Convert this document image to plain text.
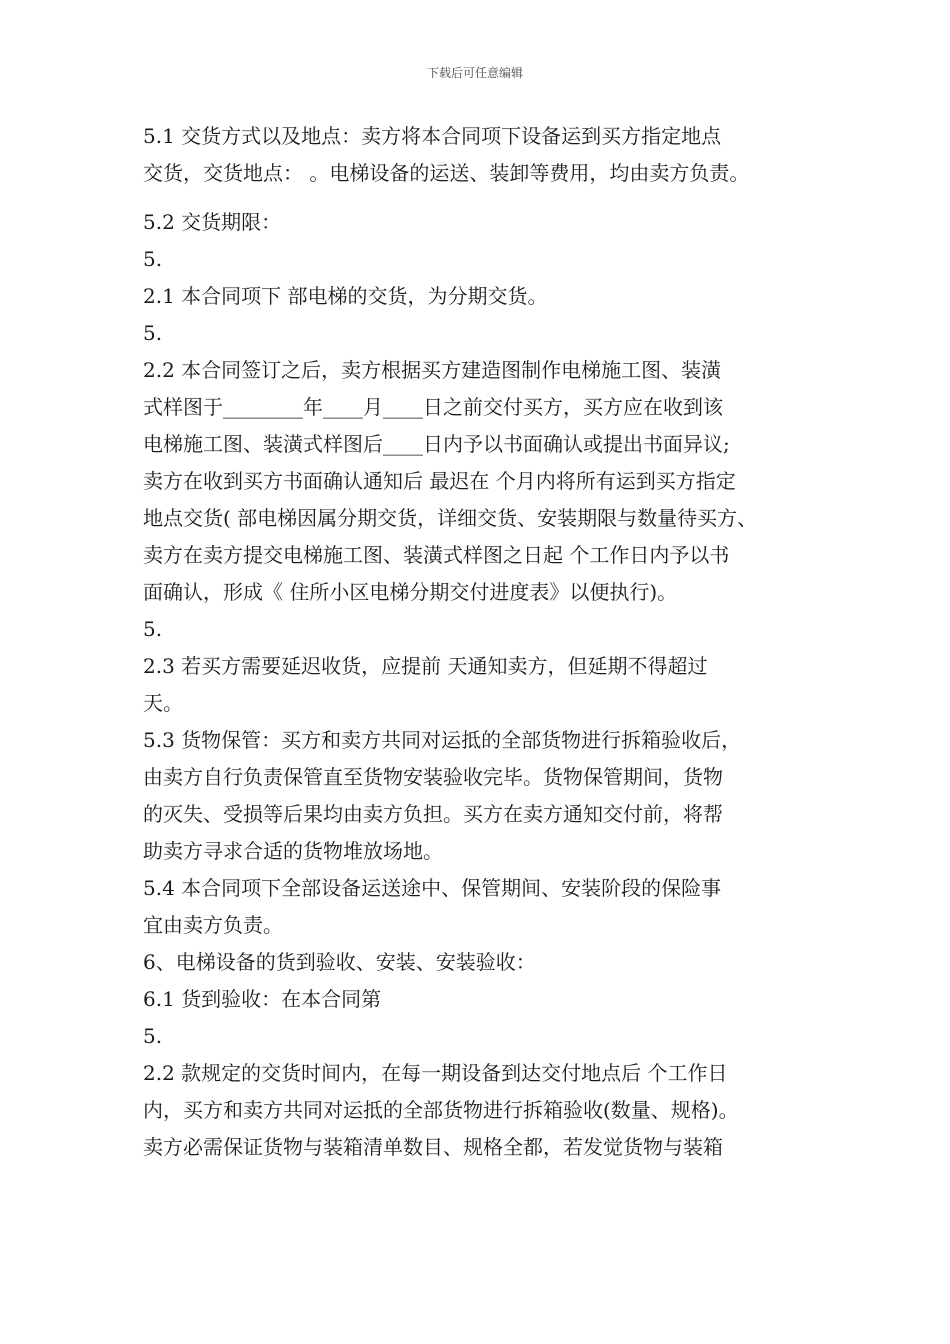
下载后可任意编辑
5.1 交货方式以及地点：卖方将本合同项下设备运到买方指定地点
交货，交货地点： 。电梯设备的运送、装卸等费用，均由卖方负责。
5.2 交货期限：
5.
2.1 本合同项下 部电梯的交货，为分期交货。
5.
2.2 本合同签订之后，卖方根据买方建造图制作电梯施工图、装潢
式样图于________年____月____日之前交付买方，买方应在收到该
电梯施工图、装潢式样图后____日内予以书面确认或提出书面异议;
卖方在收到买方书面确认通知后 最迟在 个月内将所有运到买方指定
地点交货( 部电梯因属分期交货，详细交货、安装期限与数量待买方、
卖方在卖方提交电梯施工图、装潢式样图之日起 个工作日内予以书
面确认，形成《 住所小区电梯分期交付进度表》以便执行)。
5.
2.3 若买方需要延迟收货，应提前 天通知卖方，但延期不得超过
天。
5.3 货物保管：买方和卖方共同对运抵的全部货物进行拆箱验收后，
由卖方自行负责保管直至货物安装验收完毕。货物保管期间，货物
的灭失、受损等后果均由卖方负担。买方在卖方通知交付前，将帮
助卖方寻求合适的货物堆放场地。
5.4 本合同项下全部设备运送途中、保管期间、安装阶段的保险事
宜由卖方负责。
6、电梯设备的货到验收、安装、安装验收：
6.1 货到验收：在本合同第
5.
2.2 款规定的交货时间内，在每一期设备到达交付地点后 个工作日
内，买方和卖方共同对运抵的全部货物进行拆箱验收(数量、规格)。
卖方必需保证货物与装箱清单数目、规格全都，若发觉货物与装箱
